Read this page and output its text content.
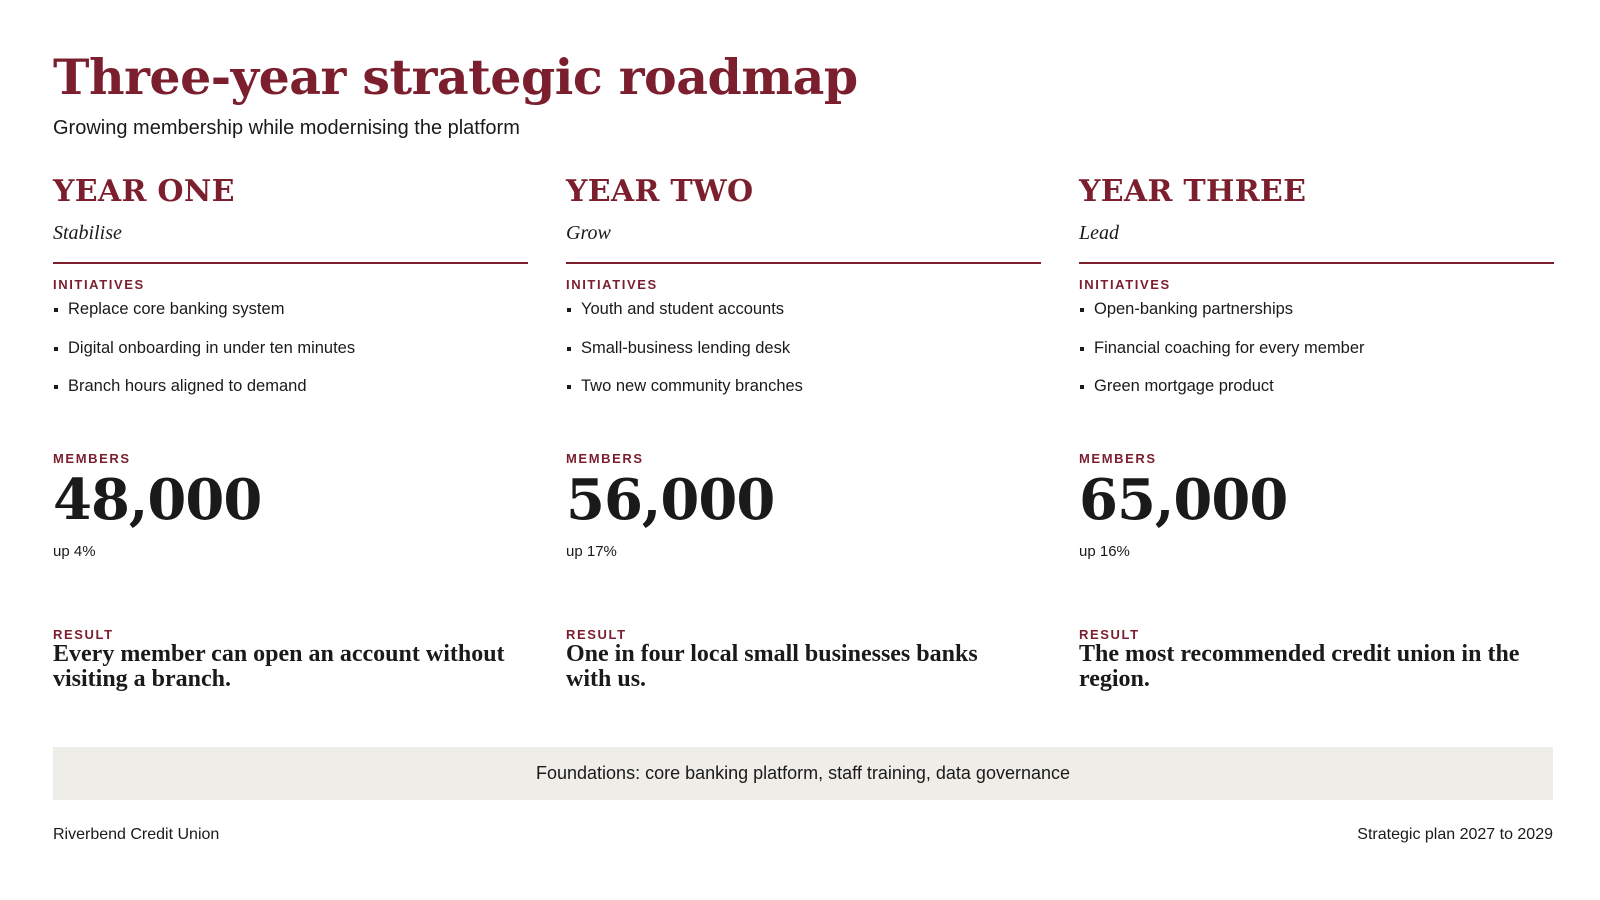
Three-year strategic roadmap
Growing membership while modernising the platform
YEAR ONE
Stabilise
INITIATIVES
Replace core banking system
Digital onboarding in under ten minutes
Branch hours aligned to demand
MEMBERS
48,000
up 4%
RESULT
Every member can open an account without visiting a branch.
YEAR TWO
Grow
INITIATIVES
Youth and student accounts
Small-business lending desk
Two new community branches
MEMBERS
56,000
up 17%
RESULT
One in four local small businesses banks with us.
YEAR THREE
Lead
INITIATIVES
Open-banking partnerships
Financial coaching for every member
Green mortgage product
MEMBERS
65,000
up 16%
RESULT
The most recommended credit union in the region.
Foundations: core banking platform, staff training, data governance
Riverbend Credit Union	Strategic plan 2027 to 2029
